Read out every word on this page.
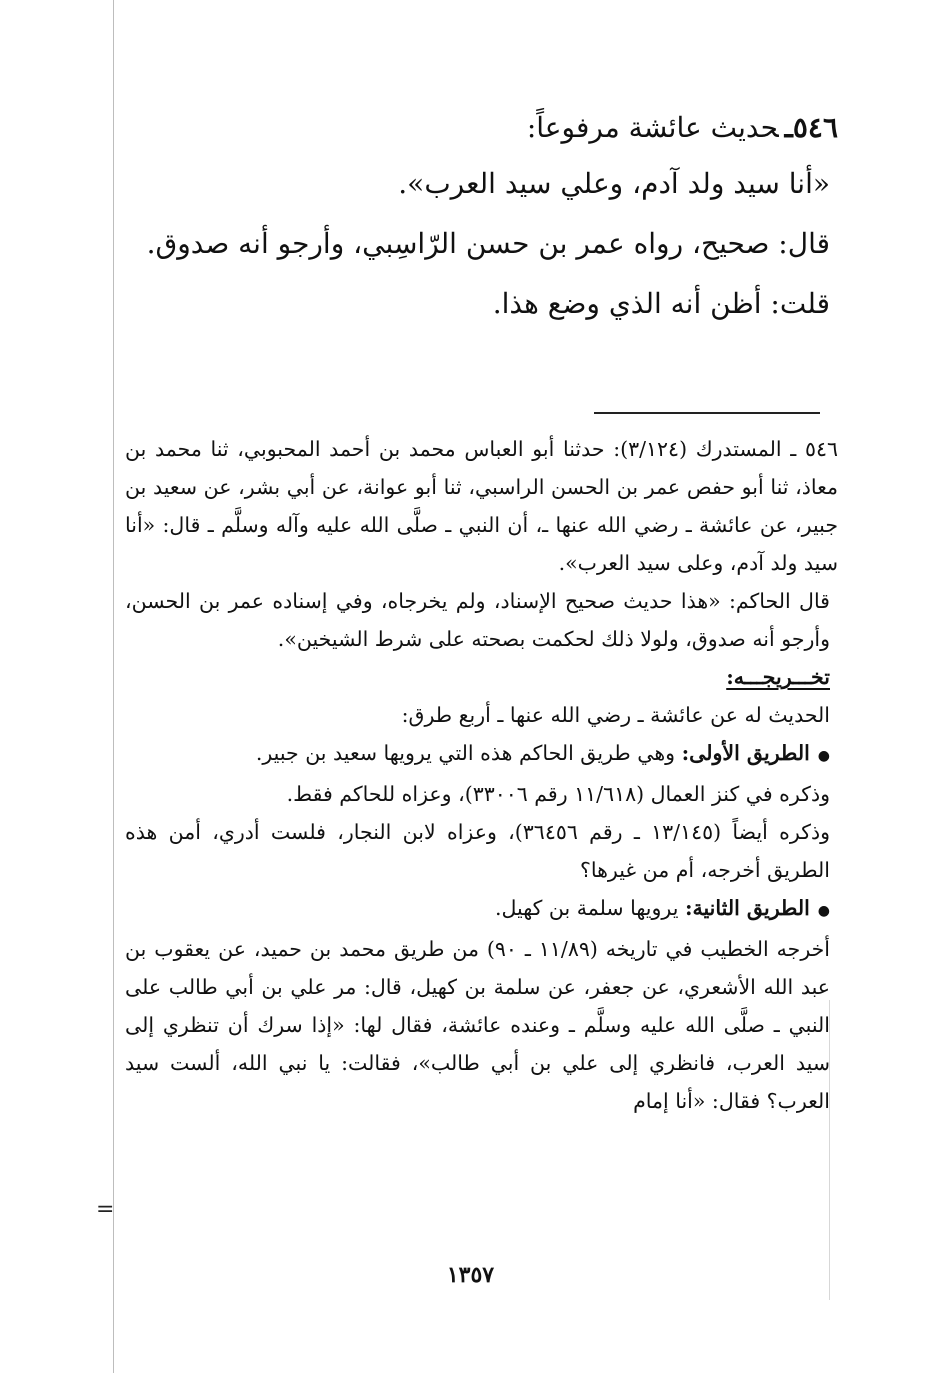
٥٤٦ـحديث عائشة مرفوعاً:

«أنا سيد ولد آدم، وعلي سيد العرب».

قال: صحيح، رواه عمر بن حسن الرّاسِبي، وأرجو أنه صدوق.

قلت: أظن أنه الذي وضع هذا.

٥٤٦ ـ المستدرك (٣/١٢٤): حدثنا أبو العباس محمد بن أحمد المحبوبي، ثنا محمد بن معاذ، ثنا أبو حفص عمر بن الحسن الراسبي، ثنا أبو عوانة، عن أبي بشر، عن سعيد بن جبير، عن عائشة ـ رضي الله عنها ـ، أن النبي ـ صلَّى الله عليه وآله وسلَّم ـ قال: «أنا سيد ولد آدم، وعلى سيد العرب».

قال الحاكم: «هذا حديث صحيح الإسناد، ولم يخرجاه، وفي إسناده عمر بن الحسن، وأرجو أنه صدوق، ولولا ذلك لحكمت بصحته على شرط الشيخين».

تخـــريجـــه:

الحديث له عن عائشة ـ رضي الله عنها ـ أربع طرق:

● الطريق الأولى: وهي طريق الحاكم هذه التي يرويها سعيد بن جبير.

وذكره في كنز العمال (١١/٦١٨ رقم ٣٣٠٠٦)، وعزاه للحاكم فقط.

وذكره أيضاً (١٣/١٤٥ ـ رقم ٣٦٤٥٦)، وعزاه لابن النجار، فلست أدري، أمن هذه الطريق أخرجه، أم من غيرها؟

● الطريق الثانية: يرويها سلمة بن كهيل.

أخرجه الخطيب في تاريخه (١١/٨٩ ـ ٩٠) من طريق محمد بن حميد، عن يعقوب بن عبد الله الأشعري، عن جعفر، عن سلمة بن كهيل، قال: مر علي بن أبي طالب على النبي ـ صلَّى الله عليه وسلَّم ـ وعنده عائشة، فقال لها: «إذا سرك أن تنظري إلى سيد العرب، فانظري إلى علي بن أبي طالب»، فقالت: يا نبي الله، ألست سيد العرب؟ فقال: «أنا إمام

=
١٣٥٧
